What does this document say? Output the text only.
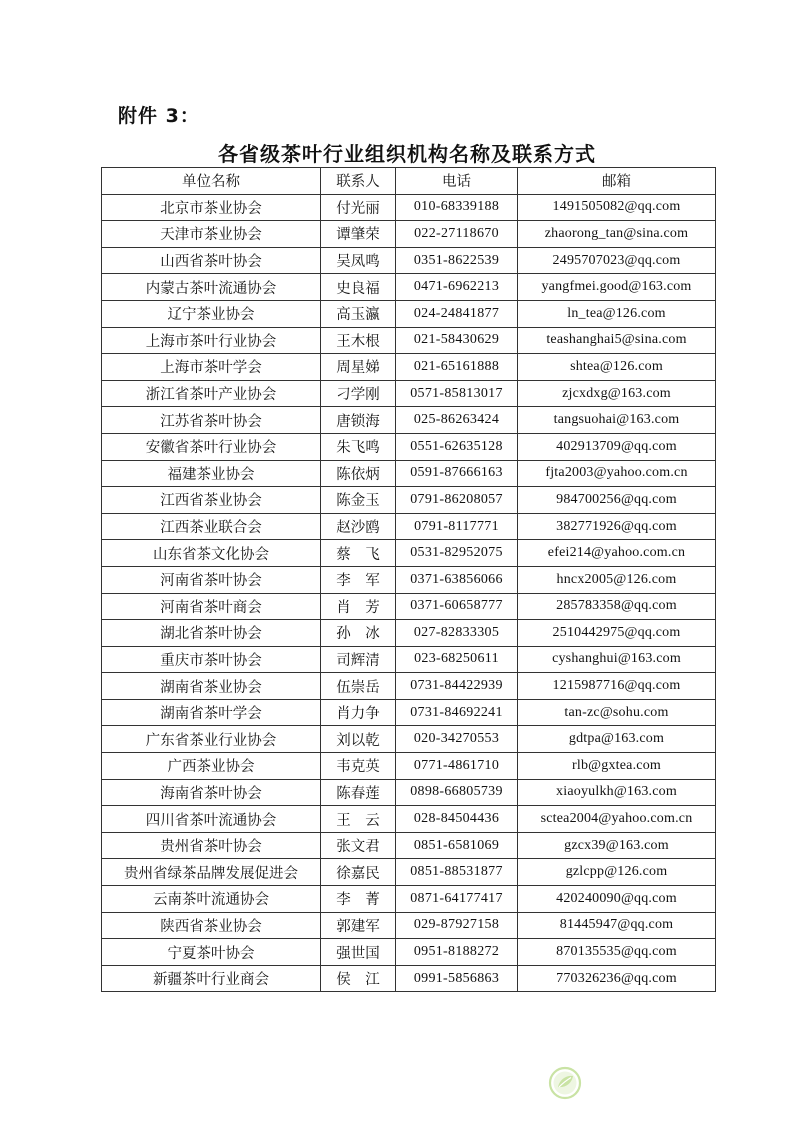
附件 3：
各省级茶叶行业组织机构名称及联系方式
单位名称	联系人	电话	邮箱
北京市茶业协会	付光丽	010-68339188	1491505082@qq.com
天津市茶业协会	谭肇荣	022-27118670	zhaorong_tan@sina.com
山西省茶叶协会	吴凤鸣	0351-8622539	2495707023@qq.com
内蒙古茶叶流通协会	史良福	0471-6962213	yangfmei.good@163.com
辽宁茶业协会	高玉瀛	024-24841877	ln_tea@126.com
上海市茶叶行业协会	王木根	021-58430629	teashanghai5@sina.com
上海市茶叶学会	周星娣	021-65161888	shtea@126.com
浙江省茶叶产业协会	刁学刚	0571-85813017	zjcxdxg@163.com
江苏省茶叶协会	唐锁海	025-86263424	tangsuohai@163.com
安徽省茶叶行业协会	朱飞鸣	0551-62635128	402913709@qq.com
福建茶业协会	陈依炳	0591-87666163	fjta2003@yahoo.com.cn
江西省茶业协会	陈金玉	0791-86208057	984700256@qq.com
江西茶业联合会	赵沙鸥	0791-8117771	382771926@qq.com
山东省茶文化协会	蔡　飞	0531-82952075	efei214@yahoo.com.cn
河南省茶叶协会	李　军	0371-63856066	hncx2005@126.com
河南省茶叶商会	肖　芳	0371-60658777	285783358@qq.com
湖北省茶叶协会	孙　冰	027-82833305	2510442975@qq.com
重庆市茶叶协会	司辉清	023-68250611	cyshanghui@163.com
湖南省茶业协会	伍崇岳	0731-84422939	1215987716@qq.com
湖南省茶叶学会	肖力争	0731-84692241	tan-zc@sohu.com
广东省茶业行业协会	刘以乾	020-34270553	gdtpa@163.com
广西茶业协会	韦克英	0771-4861710	rlb@gxtea.com
海南省茶叶协会	陈春莲	0898-66805739	xiaoyulkh@163.com
四川省茶叶流通协会	王　云	028-84504436	sctea2004@yahoo.com.cn
贵州省茶叶协会	张文君	0851-6581069	gzcx39@163.com
贵州省绿茶品牌发展促进会	徐嘉民	0851-88531877	gzlcpp@126.com
云南茶叶流通协会	李　菁	0871-64177417	420240090@qq.com
陕西省茶业协会	郭建军	029-87927158	81445947@qq.com
宁夏茶叶协会	强世国	0951-8188272	870135535@qq.com
新疆茶叶行业商会	侯　江	0991-5856863	770326236@qq.com
